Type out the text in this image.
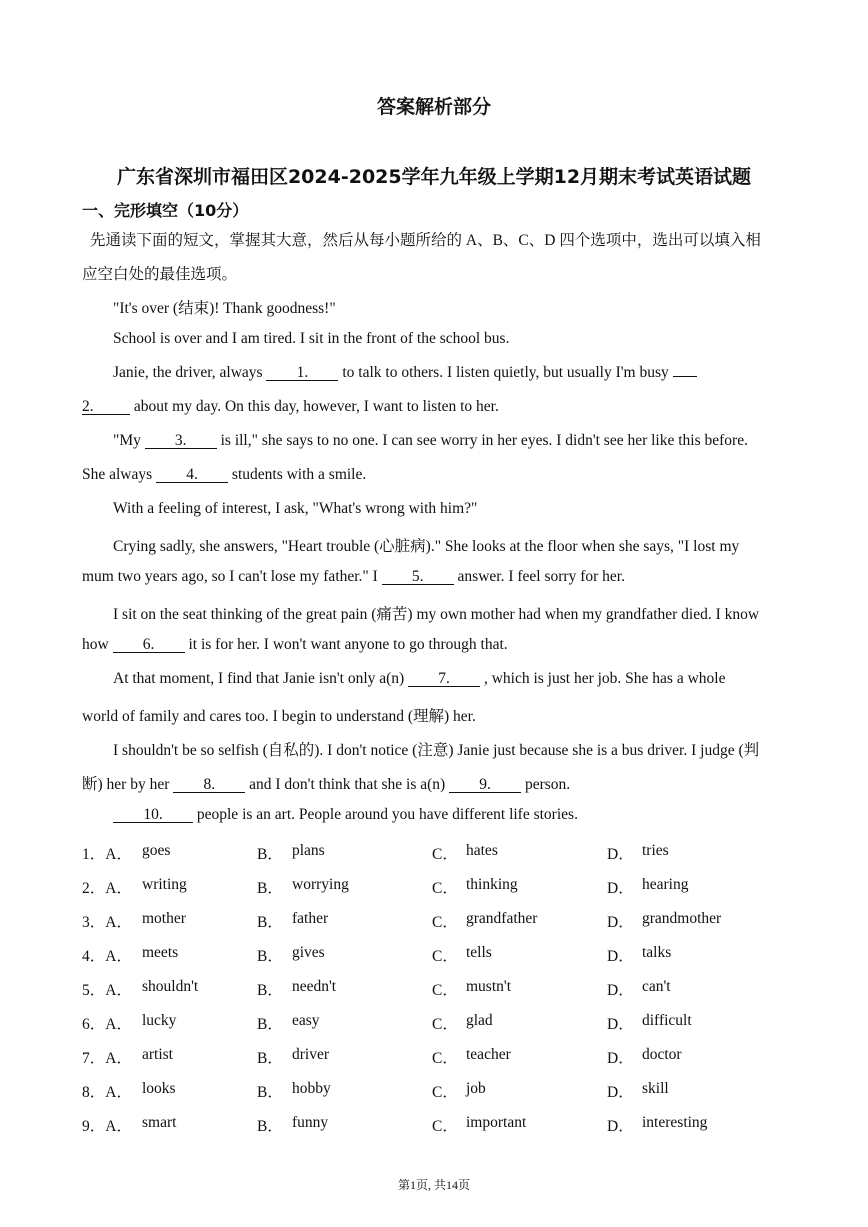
答案解析部分
广东省深圳市福田区2024-2025学年九年级上学期12月期末考试英语试题
一、完形填空（10分）
先通读下面的短文，掌握其大意，然后从每小题所给的 A、B、C、D 四个选项中，选出可以填入相
应空白处的最佳选项。
"It's over (结束)! Thank goodness!"
School is over and I am tired. I sit in the front of the school bus.
Janie, the driver, always 1. to talk to others. I listen quietly, but usually I'm busy
2. about my day. On this day, however, I want to listen to her.
"My 3. is ill," she says to no one. I can see worry in her eyes. I didn't see her like this before.
She always 4. students with a smile.
With a feeling of interest, I ask, "What's wrong with him?"
Crying sadly, she answers, "Heart trouble (心脏病)." She looks at the floor when she says, "I lost my
mum two years ago, so I can't lose my father." I 5. answer. I feel sorry for her.
I sit on the seat thinking of the great pain (痛苦) my own mother had when my grandfather died. I know
how 6. it is for her. I won't want anyone to go through that.
At that moment, I find that Janie isn't only a(n) 7. , which is just her job. She has a whole
world of family and cares too. I begin to understand (理解) her.
I shouldn't be so selfish (自私的). I don't notice (注意) Janie just because she is a bus driver. I judge (判
断) her by her 8. and I don't think that she is a(n) 9. person.
10. people is an art. People around you have different life stories.
1．A． goes	B． plans	C． hates	D． tries
2．A． writing	B． worrying	C． thinking	D． hearing
3．A． mother	B． father	C． grandfather	D． grandmother
4．A． meets	B． gives	C． tells	D． talks
5．A． shouldn't	B． needn't	C． mustn't	D． can't
6．A． lucky	B． easy	C． glad	D． difficult
7．A． artist	B． driver	C． teacher	D． doctor
8．A． looks	B． hobby	C． job	D． skill
9．A． smart	B． funny	C． important	D． interesting
第1页, 共14页
